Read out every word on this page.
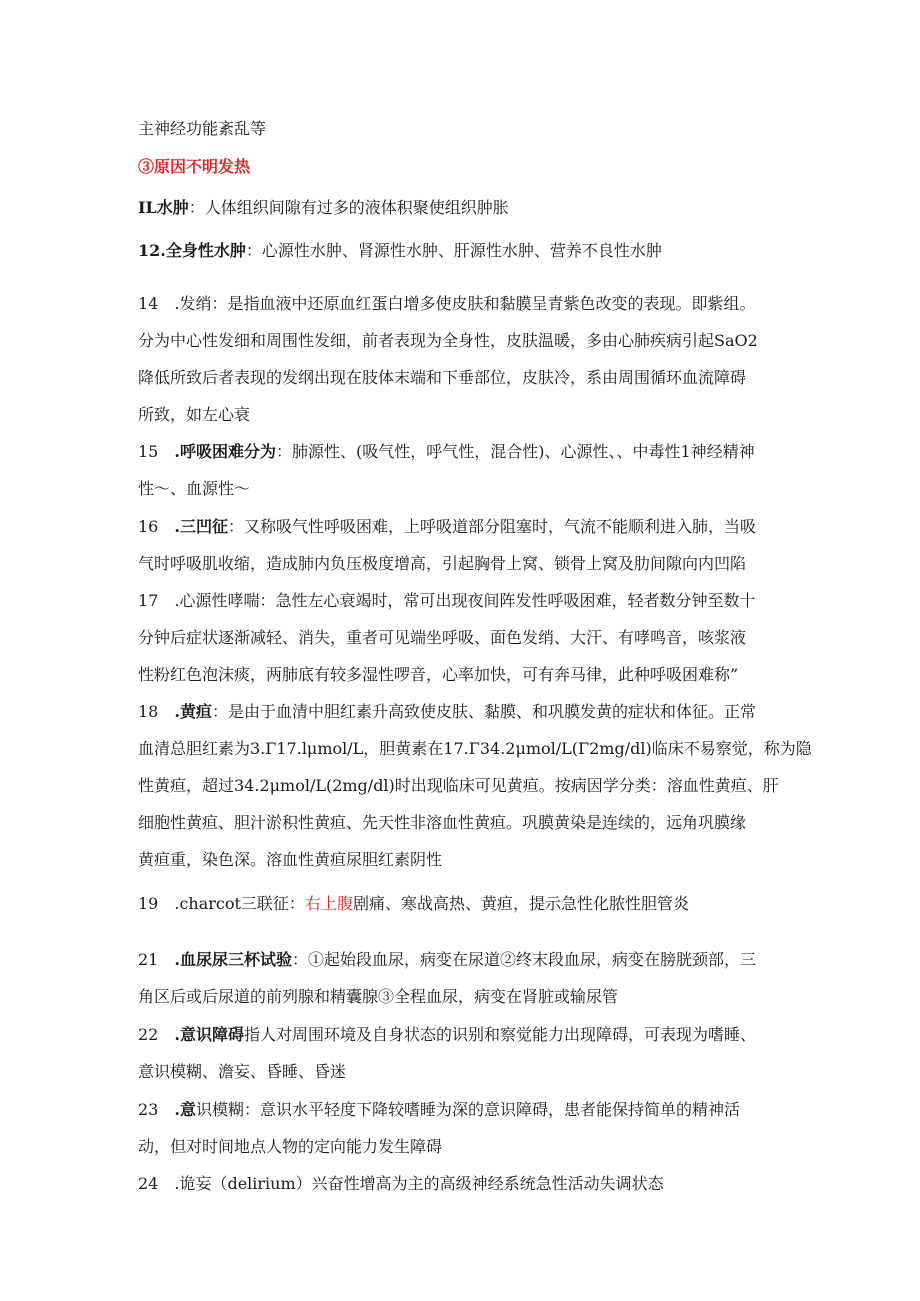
主神经功能紊乱等

③原因不明发热

IL水肿：人体组织间隙有过多的液体积聚使组织肿胀

12.全身性水肿：心源性水肿、肾源性水肿、肝源性水肿、营养不良性水肿

14　.发绡：是指血液中还原血红蛋白增多使皮肤和黏膜呈青紫色改变的表现。即紫组。
分为中心性发细和周围性发细，前者表现为全身性，皮肤温暖，多由心肺疾病引起SaO2
降低所致后者表现的发纲出现在肢体末端和下垂部位，皮肤冷，系由周围循环血流障碍
所致，如左心衰

15　.呼吸困难分为：肺源性、(吸气性，呼气性，混合性)、心源性、、中毒性1神经精神
性～、血源性～

16　.三凹征：又称吸气性呼吸困难，上呼吸道部分阻塞时，气流不能顺利进入肺，当吸
气时呼吸肌收缩，造成肺内负压极度增高，引起胸骨上窝、锁骨上窝及肋间隙向内凹陷

17　.心源性哮喘：急性左心衰竭时，常可出现夜间阵发性呼吸困难，轻者数分钟至数十
分钟后症状逐渐减轻、消失，重者可见端坐呼吸、面色发绡、大汗、有哮鸣音，咳浆液
性粉红色泡沫痰，两肺底有较多湿性啰音，心率加快，可有奔马律，此种呼吸困难称”

18　.黄疸：是由于血清中胆红素升高致使皮肤、黏膜、和巩膜发黄的症状和体征。正常
血清总胆红素为3.Γ17.lμmol∕L，胆黄素在17.Γ34.2μmol∕L(Γ2mg∕dl)临床不易察觉，称为隐
性黄疸，超过34.2μmol∕L(2mg∕dl)时出现临床可见黄疸。按病因学分类：溶血性黄疸、肝
细胞性黄疸、胆汁淤积性黄疸、先天性非溶血性黄疸。巩膜黄染是连续的，远角巩膜缘
黄疸重，染色深。溶血性黄疸尿胆红素阴性

19　.charcot三联征：右上腹剧痛、寒战高热、黄疸，提示急性化脓性胆管炎

21　.血尿尿三杯试验：①起始段血尿，病变在尿道②终末段血尿，病变在膀胱颈部，三
角区后或后尿道的前列腺和精囊腺③全程血尿，病变在肾脏或输尿管

22　.意识障碍指人对周围环境及自身状态的识别和察觉能力出现障碍，可表现为嗜睡、
意识模糊、澹妄、昏睡、昏迷

23　.意识模糊：意识水平轻度下降较嗜睡为深的意识障碍，患者能保持简单的精神活
动，但对时间地点人物的定向能力发生障碍

24　.诡妄（delirium）兴奋性增高为主的高级神经系统急性活动失调状态
